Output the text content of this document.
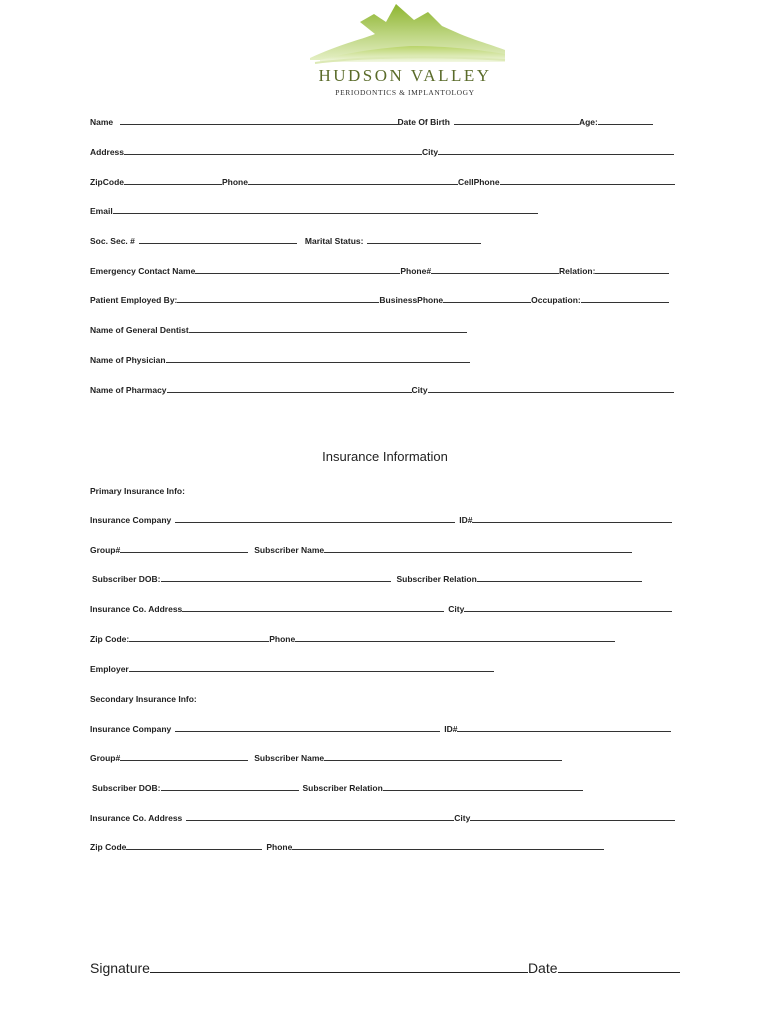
HUDSON VALLEY
PERIODONTICS & IMPLANTOLOGY
Name	Date Of Birth	Age:
Address	City
ZipCode	Phone	CellPhone
Email
Soc. Sec. #	Marital Status:
Emergency Contact Name	Phone#	Relation:
Patient Employed By:	BusinessPhone	Occupation:
Name of General Dentist
Name of Physician
Name of Pharmacy	City
Insurance Information
Primary Insurance Info:
Insurance Company	ID#
Group#	Subscriber Name
Subscriber DOB:	Subscriber Relation
Insurance Co. Address	City
Zip Code:	Phone
Employer
Secondary Insurance Info:
Insurance Company	ID#
Group#	Subscriber Name
Subscriber DOB:	Subscriber Relation
Insurance Co. Address	City
Zip Code	Phone
Signature	Date
